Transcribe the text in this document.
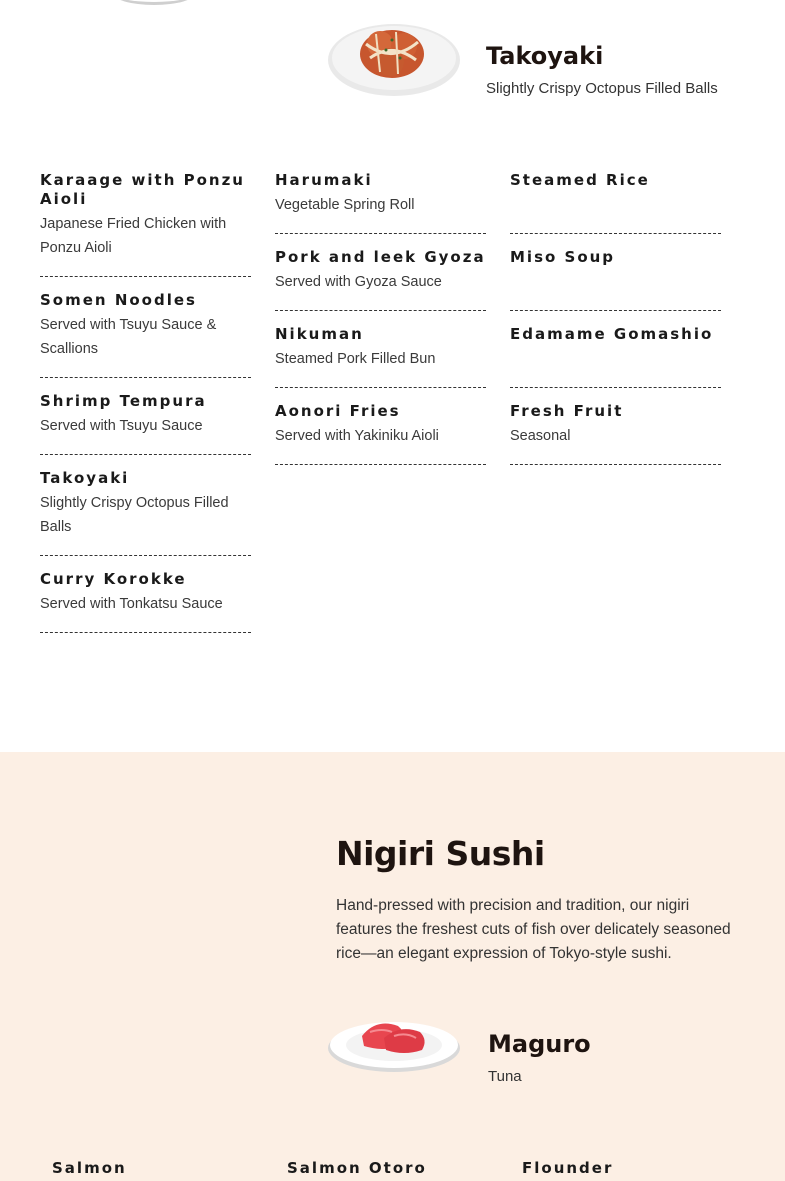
Takoyaki

Slightly Crispy Octopus Filled Balls

Karaage with Ponzu Aioli

Japanese Fried Chicken with Ponzu Aioli

Somen Noodles

Served with Tsuyu Sauce & Scallions

Shrimp Tempura

Served with Tsuyu Sauce

Takoyaki

Slightly Crispy Octopus Filled Balls

Curry Korokke

Served with Tonkatsu Sauce

Harumaki

Vegetable Spring Roll

Pork and leek Gyoza

Served with Gyoza Sauce

Nikuman

Steamed Pork Filled Bun

Aonori Fries

Served with Yakiniku Aioli

Steamed Rice

Miso Soup

Edamame Gomashio

Fresh Fruit

Seasonal

Nigiri Sushi

Hand-pressed with precision and tradition, our nigiri features the freshest cuts of fish over delicately seasoned rice—an elegant expression of Tokyo-style sushi.

Maguro

Tuna

Salmon	Salmon Otoro	Flounder
